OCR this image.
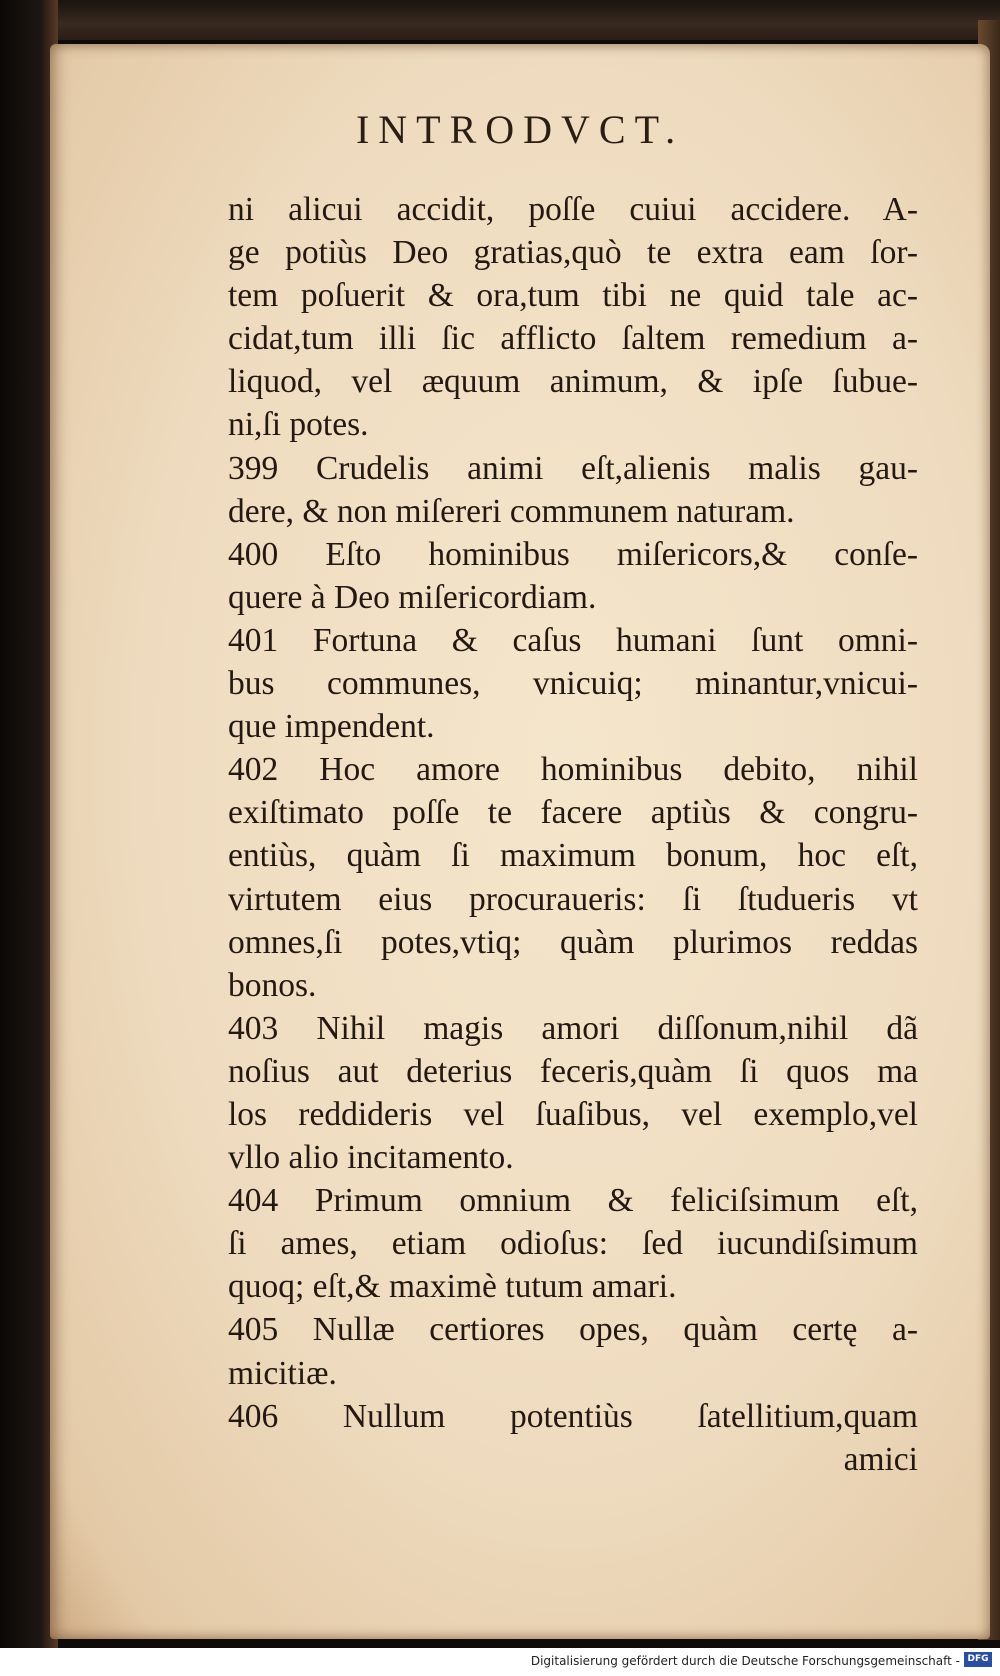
INTRODVCT.
ni alicui accidit, poſſe cuiui accidere. A-
ge potiùs Deo gratias,quò te extra eam ſor-
tem poſuerit & ora,tum tibi ne quid tale ac-
cidat,tum illi ſic afflicto ſaltem remedium a-
liquod, vel æquum animum, & ipſe ſubue-
ni,ſi potes.
399 Crudelis animi eſt,alienis malis gau-
dere, & non miſereri communem naturam.
400 Eſto hominibus miſericors,& conſe-
quere à Deo miſericordiam.
401 Fortuna & caſus humani ſunt omni-
bus communes, vnicuiq; minantur,vnicui-
que impendent.
402 Hoc amore hominibus debito, nihil
exiſtimato poſſe te facere aptiùs & congru-
entiùs, quàm ſi maximum bonum, hoc eſt,
virtutem eius procuraueris: ſi ſtudueris vt
omnes,ſi potes,vtiq; quàm plurimos reddas
bonos.
403 Nihil magis amori diſſonum,nihil dã
noſius aut deterius feceris,quàm ſi quos ma
los reddideris vel ſuaſibus, vel exemplo,vel
vllo alio incitamento.
404 Primum omnium & feliciſsimum eſt,
ſi ames, etiam odioſus: ſed iucundiſsimum
quoq; eſt,& maximè tutum amari.
405 Nullæ certiores opes, quàm certę a-
micitiæ.
406 Nullum potentiùs ſatellitium,quam
amici
Digitalisierung gefördert durch die Deutsche Forschungsgemeinschaft - DFG
